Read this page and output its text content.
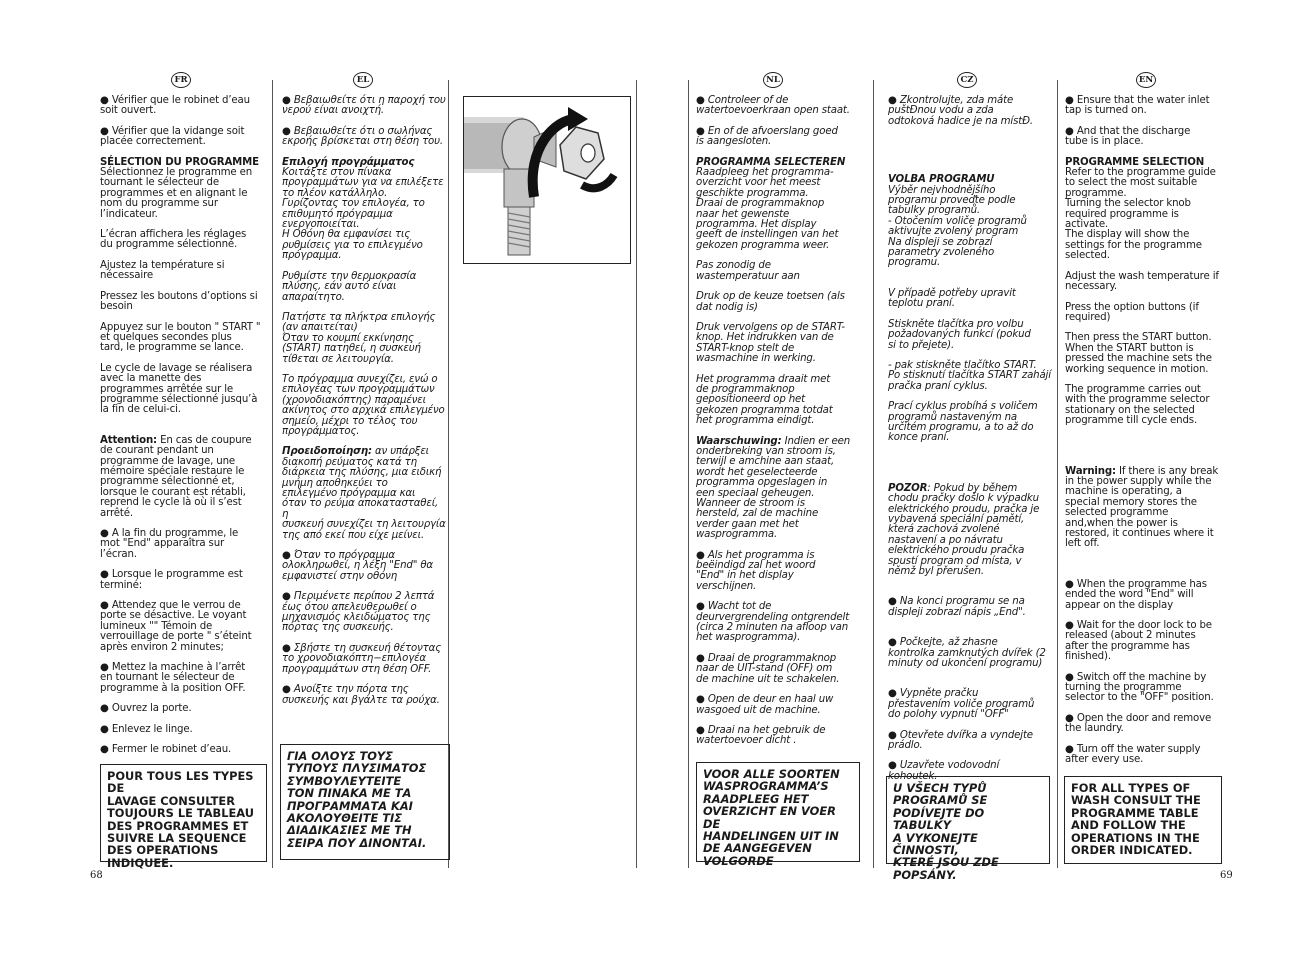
FR	EL	NL	CZ	EN

● Vérifier que le robinet d’eau
soit ouvert.

● Vérifier que la vidange soit
placée correctement.

SÉLECTION DU PROGRAMME

Sélectionnez le programme en
tournant le sélecteur de
programmes et en alignant le
nom du programme sur
l’indicateur.

L’écran affichera les réglages
du programme sélectionné.

Ajustez la température si
nécessaire

Pressez les boutons d’options si
besoin

Appuyez sur le bouton " START "
et quelques secondes plus
tard, le programme se lance.

Le cycle de lavage se réalisera
avec la manette des
programmes arrêtée sur le
programme sélectionné jusqu’à
la fin de celui-ci.

Attention: En cas de coupure
de courant pendant un
programme de lavage, une
mémoire spéciale restaure le
programme sélectionné et,
lorsque le courant est rétabli,
reprend le cycle là où il s’est
arrêté.

● A la fin du programme, le
mot "End" apparaîtra sur
l’écran.

● Lorsque le programme est
terminé:

● Attendez que le verrou de
porte se désactive. Le voyant
lumineux "" Témoin de
verrouillage de porte " s’éteint
après environ 2 minutes;

● Mettez la machine à l’arrêt
en tournant le sélecteur de
programme à la position OFF.

● Ouvrez la porte.

● Enlevez le linge.

● Fermer le robinet d’eau.

POUR TOUS LES TYPES DE
LAVAGE CONSULTER
TOUJOURS LE TABLEAU
DES PROGRAMMES ET
SUIVRE LA SEQUENCE
DES OPERATIONS
INDIQUEE.

● Βεβαιωθείτε ότι η παροχή του
νερού είναι ανοιχτή.

● Βεβαιωθείτε ότι ο σωλήνας
εκροής βρίσκεται στη θέση του.

Επιλογή προγράμματος

Κοιτάξτε στον πίνακα
προγραμμάτων για να επιλέξετε
το πλέον κατάλληλο.
Γυρίζοντας τον επιλογέα, το
επιθυμητό πρόγραμμα
ενεργοποιείται.
Η Οθόνη θα εμφανίσει τις
ρυθμίσεις για το επιλεγμένο
πρόγραμμα.

Ρυθμίστε την θερμοκρασία
πλύσης, εάν αυτό είναι
απαραίτητο.

Πατήστε τα πλήκτρα επιλογής
(αν απαιτείται)
Όταν το κουμπί εκκίνησης
(START) πατηθεί, η συσκευή
τίθεται σε λειτουργία.

Το πρόγραμμα συνεχίζει, ενώ ο
επιλογέας των προγραμμάτων
(χρονοδιακόπτης) παραμένει
ακίνητος στο αρχικά επιλεγμένο
σημείο, μέχρι το τέλος του
προγράμματος.

Προειδοποίηση: αν υπάρξει
διακοπή ρεύματος κατά τη
διάρκεια της πλύσης, μια ειδική
μνήμη αποθηκεύει το
επιλεγμένο πρόγραμμα και
όταν το ρεύμα αποκατασταθεί, η
συσκευή συνεχίζει τη λειτουργία
της από εκεί που είχε μείνει.

● Όταν το πρόγραμμα
ολοκληρωθεί, η λέξη "End" θα
εμφανιστεί στην οθόνη

● Περιμένετε περίπου 2 λεπτά
έως ότου απελευθερωθεί ο
μηχανισμός κλειδώματος της
πόρτας της συσκευής.

● Σβήστε τη συσκευή θέτοντας
το χρονοδιακόπτη−επιλογέα
προγραμμάτων στη θέση OFF.

● Ανοίξτε την πόρτα της
συσκευής και βγάλτε τα ρούχα.

ΓΙΑ ΟΛΟΥΣ ΤΟΥΣ
ΤΥΠΟΥΣ ΠΛΥΣΙΜΑΤΟΣ
ΣΥΜΒΟΥΛΕΥΤΕΙΤΕ
ΤΟΝ ΠΙΝΑΚΑ ΜΕ ΤΑ
ΠΡΟΓΡΑΜΜΑΤΑ ΚΑΙ
ΑΚΟΛΟΥΘΕΙΤΕ ΤΙΣ
ΔΙΑΔΙΚΑΣΙΕΣ ΜΕ ΤΗ
ΣΕΙΡΑ ΠΟΥ ΔΙΝΟΝΤΑΙ.

● Controleer of de
watertoevoerkraan open staat.

● En of de afvoerslang goed
is aangesloten.

PROGRAMMA SELECTEREN

Raadpleeg het programma-
overzicht voor het meest
geschikte programma.
Draai de programmaknop
naar het gewenste
programma. Het display
geeft de instellingen van het
gekozen programma weer.

Pas zonodig de
wastemperatuur aan

Druk op de keuze toetsen (als
dat nodig is)

Druk vervolgens op de START-
knop. Het indrukken van de
START-knop stelt de
wasmachine in werking.

Het programma draait met
de programmaknop
gepositioneerd op het
gekozen programma totdat
het programma eindigt.

Waarschuwing: Indien er een
onderbreking van stroom is,
terwijl e amchine aan staat,
wordt het geselecteerde
programma opgeslagen in
een speciaal geheugen.
Wanneer de stroom is
hersteld, zal de machine
verder gaan met het
wasprogramma.

● Als het programma is
beëindigd zal het woord
"End" in het display
verschijnen.

● Wacht tot de
deurvergrendeling ontgrendelt
(circa 2 minuten na afloop van
het wasprogramma).

● Draai de programmaknop
naar de UIT-stand (OFF) om
de machine uit te schakelen.

● Open de deur en haal uw
wasgoed uit de machine.

● Draai na het gebruik de
watertoevoer dicht .

VOOR ALLE SOORTEN
WASPROGRAMMA’S
RAADPLEEG HET
OVERZICHT EN VOER DE
HANDELINGEN UIT IN
DE AANGEGEVEN
VOLGORDE

● Zkontrolujte, zda máte
puštĐnou vodu a zda
odtoková hadice je na místĐ.

VOLBA PROGRAMU

Výběr nejvhodnějšího
programu proveďte podle
tabulky programů.
- Otočením voliče programů
aktivujte zvolený program
Na displeji se zobrazí
parametry zvoleného
programu.

V případě potřeby upravit
teplotu praní.

Stiskněte tlačítka pro volbu
požadovaných funkcí (pokud
si to přejete).

- pak stiskněte tlačítko START.
Po stisknutí tlačítka START zahájí
pračka praní cyklus.

Prací cyklus probíhá s voličem
programů nastaveným na
určitém programu, a to až do
konce praní.

POZOR: Pokud by během
chodu pračky došlo k výpadku
elektrického proudu, pračka je
vybavená speciální pamětí,
která zachová zvolené
nastavení a po návratu
elektrického proudu pračka
spustí program od místa, v
němž byl přerušen.

● Na konci programu se na
displeji zobrazí nápis „End".

● Počkejte, až zhasne
kontrolka zamknutých dvířek (2
minuty od ukončení programu)

● Vypněte pračku
přestavením voliče programů
do polohy vypnutí "OFF"

● Otevřete dvířka a vyndejte
prádlo.

● Uzavřete vodovodní
kohoutek.

U VŠECH TYPŮ
PROGRAMŮ SE
PODÍVEJTE DO TABULKY
A VYKONEJTE ČINNOSTI,
KTERÉ JSOU ZDE
POPSÁNY.

● Ensure that the water inlet
tap is turned on.

● And that the discharge
tube is in place.

PROGRAMME SELECTION

Refer to the programme guide
to select the most suitable
programme.
Turning the selector knob
required programme is
activate.
The display will show the
settings for the programme
selected.

Adjust the wash temperature if
necessary.

Press the option buttons (if
required)

Then press the START button.
When the START button is
pressed the machine sets the
working sequence in motion.

The programme carries out
with the programme selector
stationary on the selected
programme till cycle ends.

Warning: If there is any break
in the power supply while the
machine is operating, a
special memory stores the
selected programme
and,when the power is
restored, it continues where it
left off.

● When the programme has
ended the word "End" will
appear on the display

● Wait for the door lock to be
released (about 2 minutes
after the programme has
finished).

● Switch off the machine by
turning the programme
selector to the "OFF" position.

● Open the door and remove
the laundry.

● Turn off the water supply
after every use.

FOR ALL TYPES OF
WASH CONSULT THE
PROGRAMME TABLE
AND FOLLOW THE
OPERATIONS IN THE
ORDER INDICATED.
68	69
